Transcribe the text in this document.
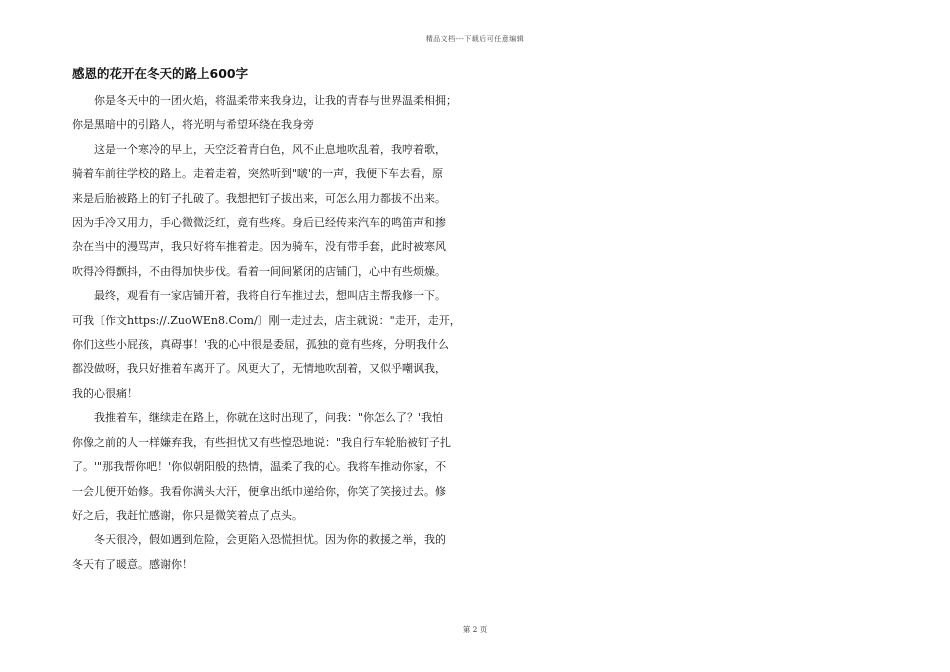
精品文档---下载后可任意编辑
感恩的花开在冬天的路上600字

你是冬天中的一团火焰，将温柔带来我身边，让我的青春与世界温柔相拥；
你是黑暗中的引路人，将光明与希望环绕在我身旁

这是一个寒冷的早上，天空泛着青白色，风不止息地吹乱着，我哼着歌，
骑着车前往学校的路上。走着走着，突然听到"啵'的一声，我便下车去看，原
来是后胎被路上的钉子扎破了。我想把钉子拔出来，可怎么用力都拔不出来。
因为手冷又用力，手心微微泛红，竟有些疼。身后已经传来汽车的鸣笛声和掺
杂在当中的漫骂声，我只好将车推着走。因为骑车，没有带手套，此时被寒风
吹得冷得颤抖，不由得加快步伐。看着一间间紧闭的店铺门，心中有些烦燥。

最终，观看有一家店铺开着，我将自行车推过去，想叫店主帮我修一下。
可我〔作文https://.ZuoWEn8.Com/〕刚一走过去，店主就说："走开，走开，
你们这些小屁孩，真碍事！'我的心中很是委屈，孤独的竟有些疼，分明我什么
都没做呀，我只好推着车离开了。风更大了，无情地吹刮着，又似乎嘲讽我，
我的心很痛！

我推着车，继续走在路上，你就在这时出现了，问我："你怎么了？'我怕
你像之前的人一样嫌弃我，有些担忧又有些惶恐地说："我自行车轮胎被钉子扎
了。'"那我帮你吧！'你似朝阳般的热情，温柔了我的心。我将车推动你家，不
一会儿便开始修。我看你满头大汗，便拿出纸巾递给你，你笑了笑接过去。修
好之后，我赶忙感谢，你只是微笑着点了点头。

冬天很冷，假如遇到危险，会更陷入恐慌担忧。因为你的救援之举，我的
冬天有了暖意。感谢你！

第 2 页
